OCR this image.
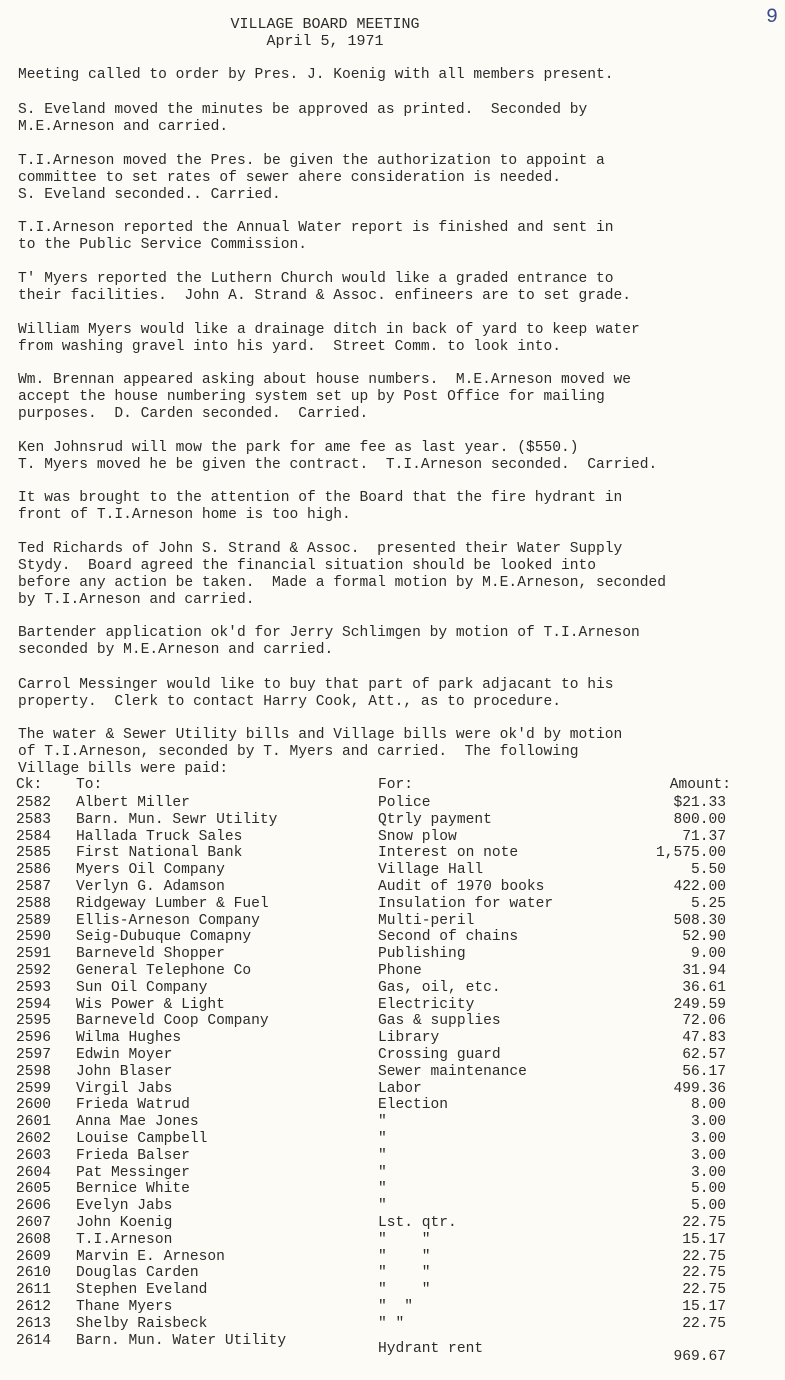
9
VILLAGE BOARD MEETING
April 5, 1971
Meeting called to order by Pres. J. Koenig with all members present.
S. Eveland moved the minutes be approved as printed.  Seconded by
M.E.Arneson and carried.
T.I.Arneson moved the Pres. be given the authorization to appoint a
committee to set rates of sewer ahere consideration is needed.
S. Eveland seconded.. Carried.
T.I.Arneson reported the Annual Water report is finished and sent in
to the Public Service Commission.
T' Myers reported the Luthern Church would like a graded entrance to
their facilities.  John A. Strand & Assoc. enfineers are to set grade.
William Myers would like a drainage ditch in back of yard to keep water
from washing gravel into his yard.  Street Comm. to look into.
Wm. Brennan appeared asking about house numbers.  M.E.Arneson moved we
accept the house numbering system set up by Post Office for mailing
purposes.  D. Carden seconded.  Carried.
Ken Johnsrud will mow the park for ame fee as last year. ($550.)
T. Myers moved he be given the contract.  T.I.Arneson seconded.  Carried.
It was brought to the attention of the Board that the fire hydrant in
front of T.I.Arneson home is too high.
Ted Richards of John S. Strand & Assoc.  presented their Water Supply
Stydy.  Board agreed the financial situation should be looked into
before any action be taken.  Made a formal motion by M.E.Arneson, seconded
by T.I.Arneson and carried.
Bartender application ok'd for Jerry Schlimgen by motion of T.I.Arneson
seconded by M.E.Arneson and carried.
Carrol Messinger would like to buy that part of park adjacant to his
property.  Clerk to contact Harry Cook, Att., as to procedure.
The water & Sewer Utility bills and Village bills were ok'd by motion
of T.I.Arneson, seconded by T. Myers and carried.  The following
Village bills were paid:
Ck: To:	For:	Amount:
2582 Albert Miller	Police	$21.33
2583 Barn. Mun. Sewr Utility	Qtrly payment	800.00
2584 Hallada Truck Sales	Snow plow	71.37
2585 First National Bank	Interest on note	1,575.00
2586 Myers Oil Company	Village Hall	5.50
2587 Verlyn G. Adamson	Audit of 1970 books	422.00
2588 Ridgeway Lumber & Fuel	Insulation for water	5.25
2589 Ellis-Arneson Company	Multi-peril	508.30
2590 Seig-Dubuque Comapny	Second of chains	52.90
2591 Barneveld Shopper	Publishing	9.00
2592 General Telephone Co	Phone	31.94
2593 Sun Oil Company	Gas, oil, etc.	36.61
2594 Wis Power & Light	Electricity	249.59
2595 Barneveld Coop Company	Gas & supplies	72.06
2596 Wilma Hughes	Library	47.83
2597 Edwin Moyer	Crossing guard	62.57
2598 John Blaser	Sewer maintenance	56.17
2599 Virgil Jabs	Labor	499.36
2600 Frieda Watrud	Election	8.00
2601 Anna Mae Jones	"	3.00
2602 Louise Campbell	"	3.00
2603 Frieda Balser	"	3.00
2604 Pat Messinger	"	3.00
2605 Bernice White	"	5.00
2606 Evelyn Jabs	"	5.00
2607 John Koenig	Lst. qtr.	22.75
2608 T.I.Arneson	"    "	15.17
2609 Marvin E. Arneson	"    "	22.75
2610 Douglas Carden	"    "	22.75
2611 Stephen Eveland	"    "	22.75
2612 Thane Myers	"  "	15.17
2613 Shelby Raisbeck	" "	22.75
2614 Barn. Mun. Water Utility	Hydrant rent	969.67
